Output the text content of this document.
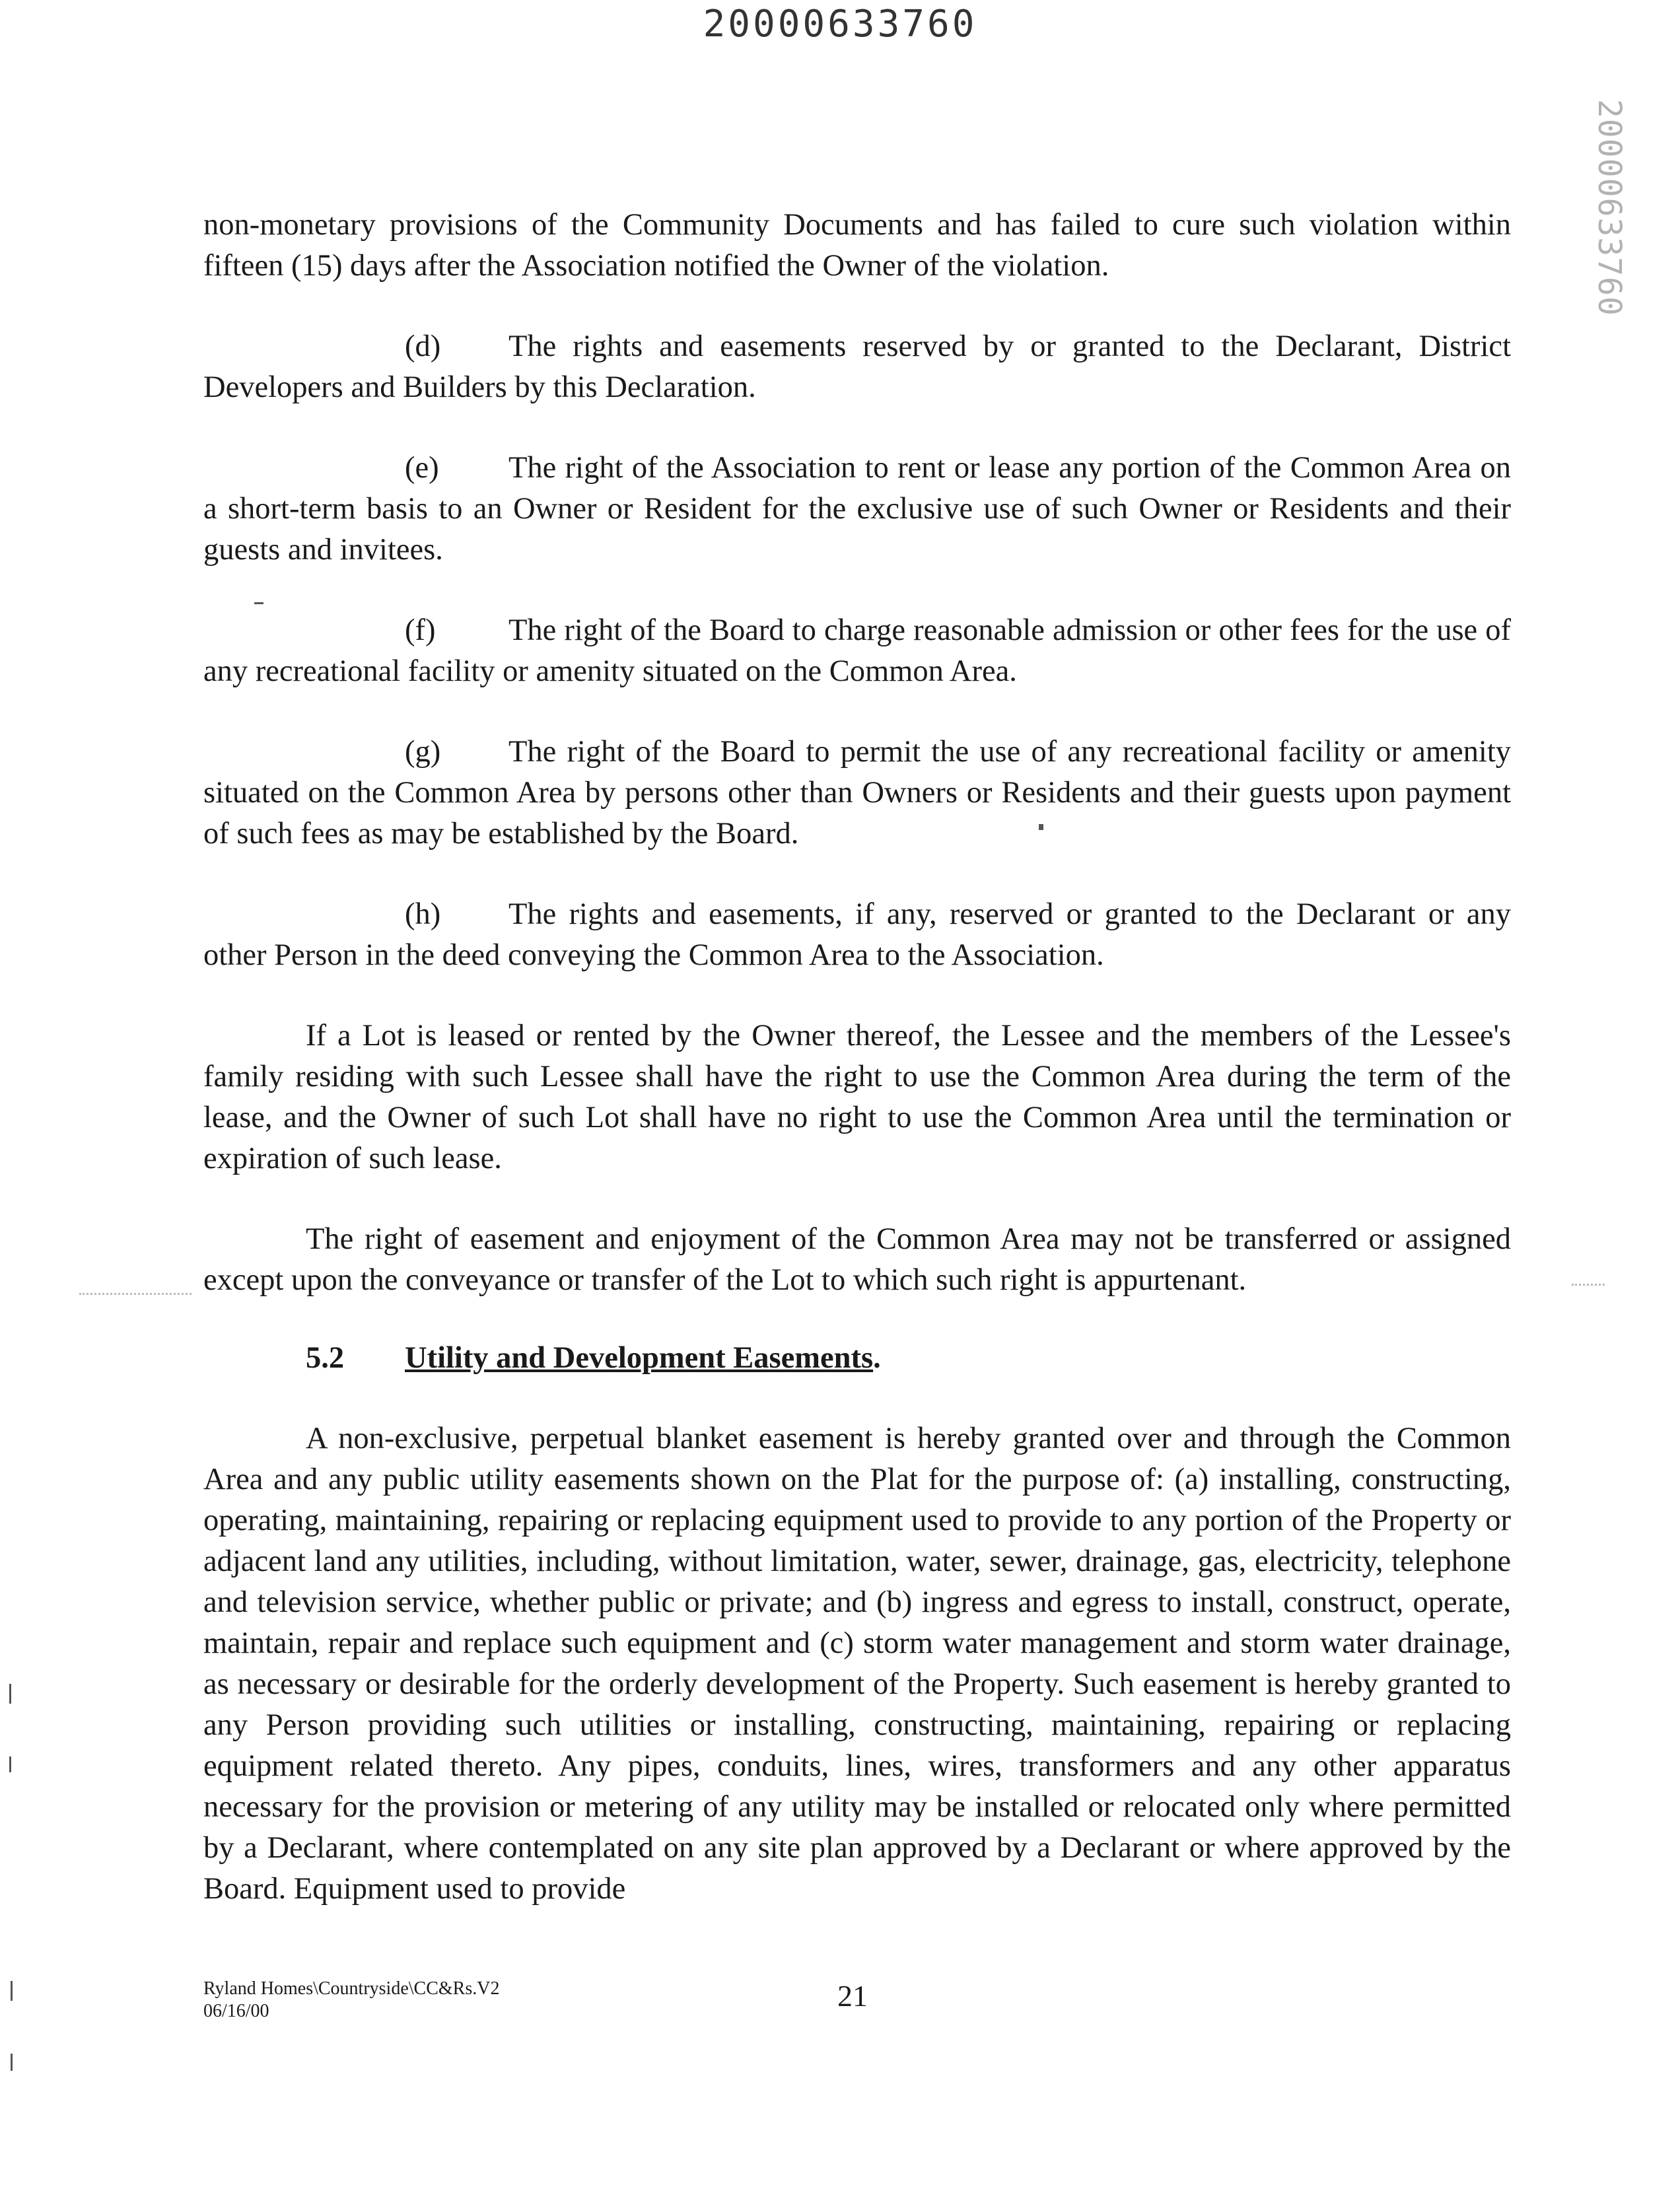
20000633760
20000633760

non-monetary provisions of the Community Documents and has failed to cure such violation within fifteen (15) days after the Association notified the Owner of the violation.

(d) The rights and easements reserved by or granted to the Declarant, District Developers and Builders by this Declaration.

(e) The right of the Association to rent or lease any portion of the Common Area on a short-term basis to an Owner or Resident for the exclusive use of such Owner or Residents and their guests and invitees.

(f) The right of the Board to charge reasonable admission or other fees for the use of any recreational facility or amenity situated on the Common Area.

(g) The right of the Board to permit the use of any recreational facility or amenity situated on the Common Area by persons other than Owners or Residents and their guests upon payment of such fees as may be established by the Board.

(h) The rights and easements, if any, reserved or granted to the Declarant or any other Person in the deed conveying the Common Area to the Association.

If a Lot is leased or rented by the Owner thereof, the Lessee and the members of the Lessee's family residing with such Lessee shall have the right to use the Common Area during the term of the lease, and the Owner of such Lot shall have no right to use the Common Area until the termination or expiration of such lease.

The right of easement and enjoyment of the Common Area may not be transferred or assigned except upon the conveyance or transfer of the Lot to which such right is appurtenant.

5.2 Utility and Development Easements.

A non-exclusive, perpetual blanket easement is hereby granted over and through the Common Area and any public utility easements shown on the Plat for the purpose of: (a) installing, constructing, operating, maintaining, repairing or replacing equipment used to provide to any portion of the Property or adjacent land any utilities, including, without limitation, water, sewer, drainage, gas, electricity, telephone and television service, whether public or private; and (b) ingress and egress to install, construct, operate, maintain, repair and replace such equipment and (c) storm water management and storm water drainage, as necessary or desirable for the orderly development of the Property. Such easement is hereby granted to any Person providing such utilities or installing, constructing, maintaining, repairing or replacing equipment related thereto. Any pipes, conduits, lines, wires, transformers and any other apparatus necessary for the provision or metering of any utility may be installed or relocated only where permitted by a Declarant, where contemplated on any site plan approved by a Declarant or where approved by the Board. Equipment used to provide

Ryland Homes\Countryside\CC&Rs.V2
06/16/00	21
